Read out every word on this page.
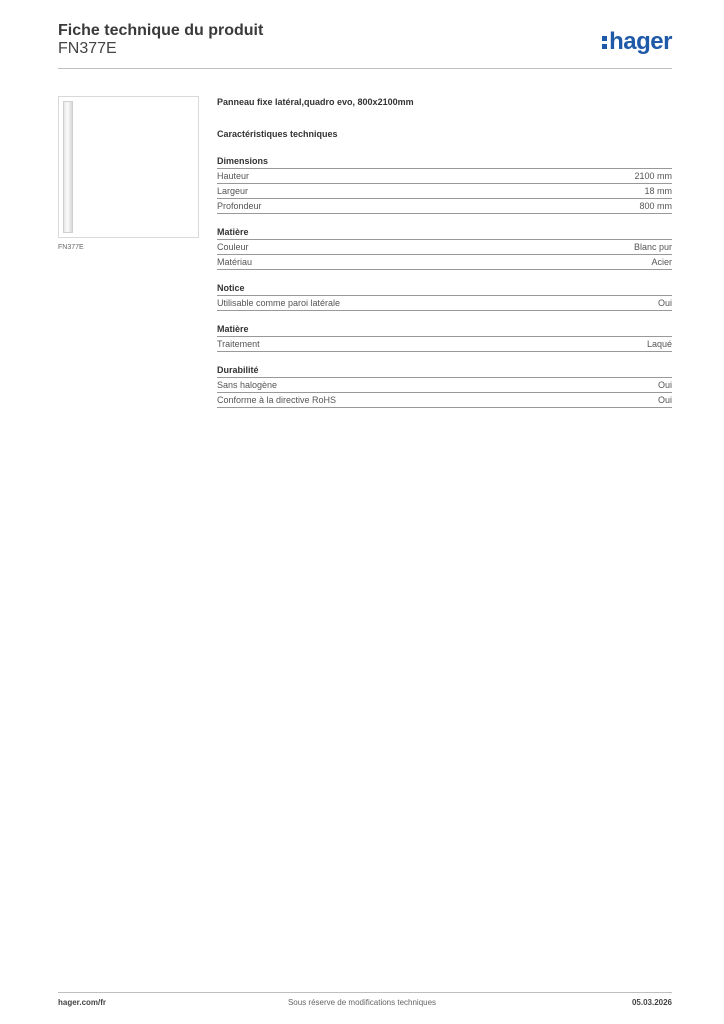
Fiche technique du produit
FN377E	hager
FN377E
Panneau fixe latéral,quadro evo, 800x2100mm
Caractéristiques techniques
Dimensions
Hauteur	2100 mm
Largeur	18 mm
Profondeur	800 mm
Matière
Couleur	Blanc pur
Matériau	Acier
Notice
Utilisable comme paroi latérale	Oui
Matière
Traitement	Laqué
Durabilité
Sans halogène	Oui
Conforme à la directive RoHS	Oui
hager.com/fr	Sous réserve de modifications techniques	05.03.2026
